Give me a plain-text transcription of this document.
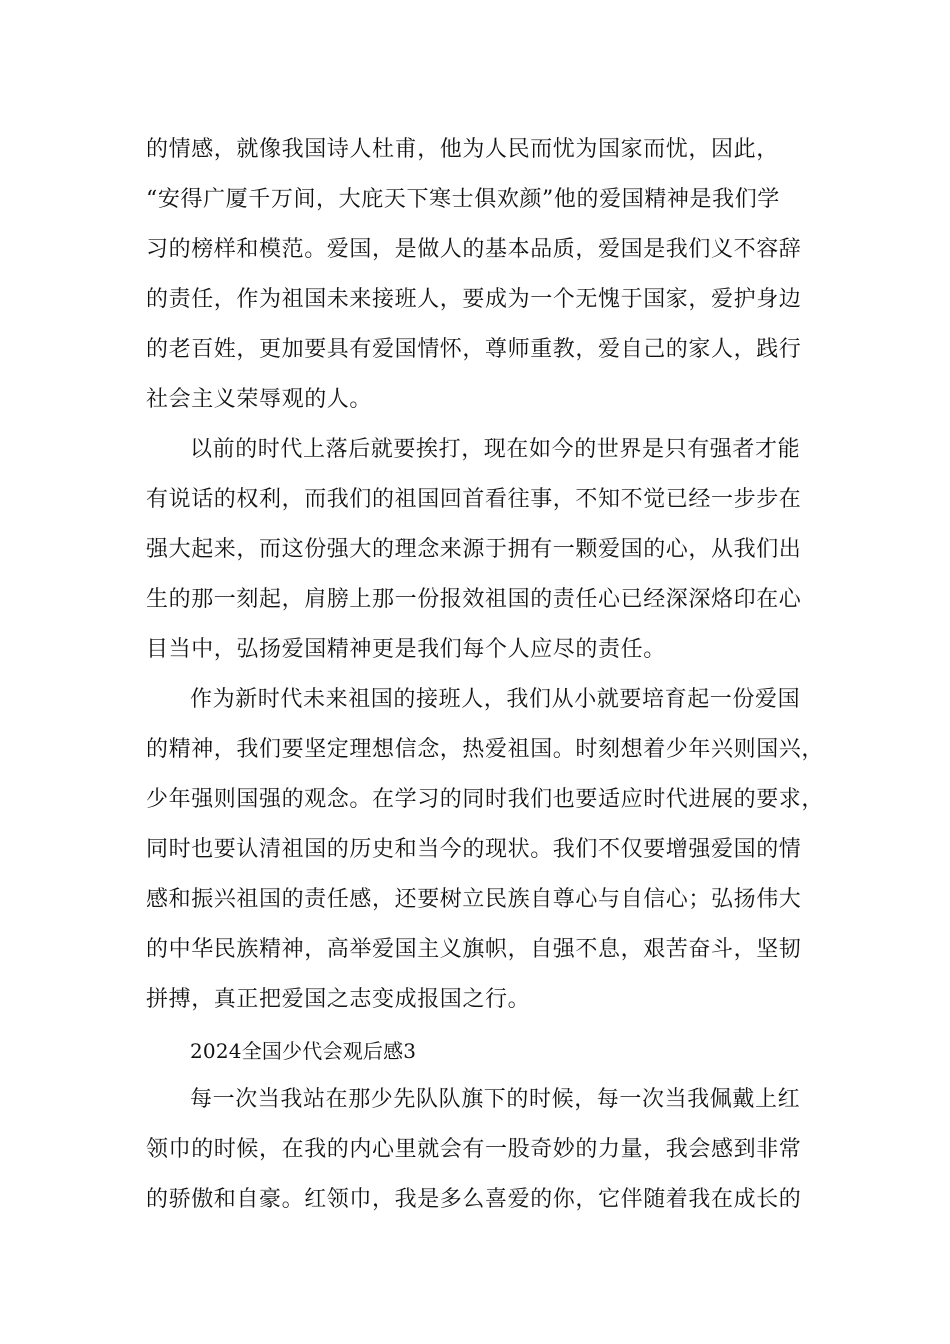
的情感，就像我国诗人杜甫，他为人民而忧为国家而忧，因此，
“安得广厦千万间，大庇天下寒士俱欢颜”他的爱国精神是我们学
习的榜样和模范。爱国，是做人的基本品质，爱国是我们义不容辞
的责任，作为祖国未来接班人，要成为一个无愧于国家，爱护身边
的老百姓，更加要具有爱国情怀，尊师重教，爱自己的家人，践行
社会主义荣辱观的人。
以前的时代上落后就要挨打，现在如今的世界是只有强者才能
有说话的权利，而我们的祖国回首看往事，不知不觉已经一步步在
强大起来，而这份强大的理念来源于拥有一颗爱国的心，从我们出
生的那一刻起，肩膀上那一份报效祖国的责任心已经深深烙印在心
目当中，弘扬爱国精神更是我们每个人应尽的责任。
作为新时代未来祖国的接班人，我们从小就要培育起一份爱国
的精神，我们要坚定理想信念，热爱祖国。时刻想着少年兴则国兴，
少年强则国强的观念。在学习的同时我们也要适应时代进展的要求，
同时也要认清祖国的历史和当今的现状。我们不仅要增强爱国的情
感和振兴祖国的责任感，还要树立民族自尊心与自信心；弘扬伟大
的中华民族精神，高举爱国主义旗帜，自强不息，艰苦奋斗，坚韧
拼搏，真正把爱国之志变成报国之行。
2024全国少代会观后感3
每一次当我站在那少先队队旗下的时候，每一次当我佩戴上红
领巾的时候，在我的内心里就会有一股奇妙的力量，我会感到非常
的骄傲和自豪。红领巾，我是多么喜爱的你，它伴随着我在成长的
